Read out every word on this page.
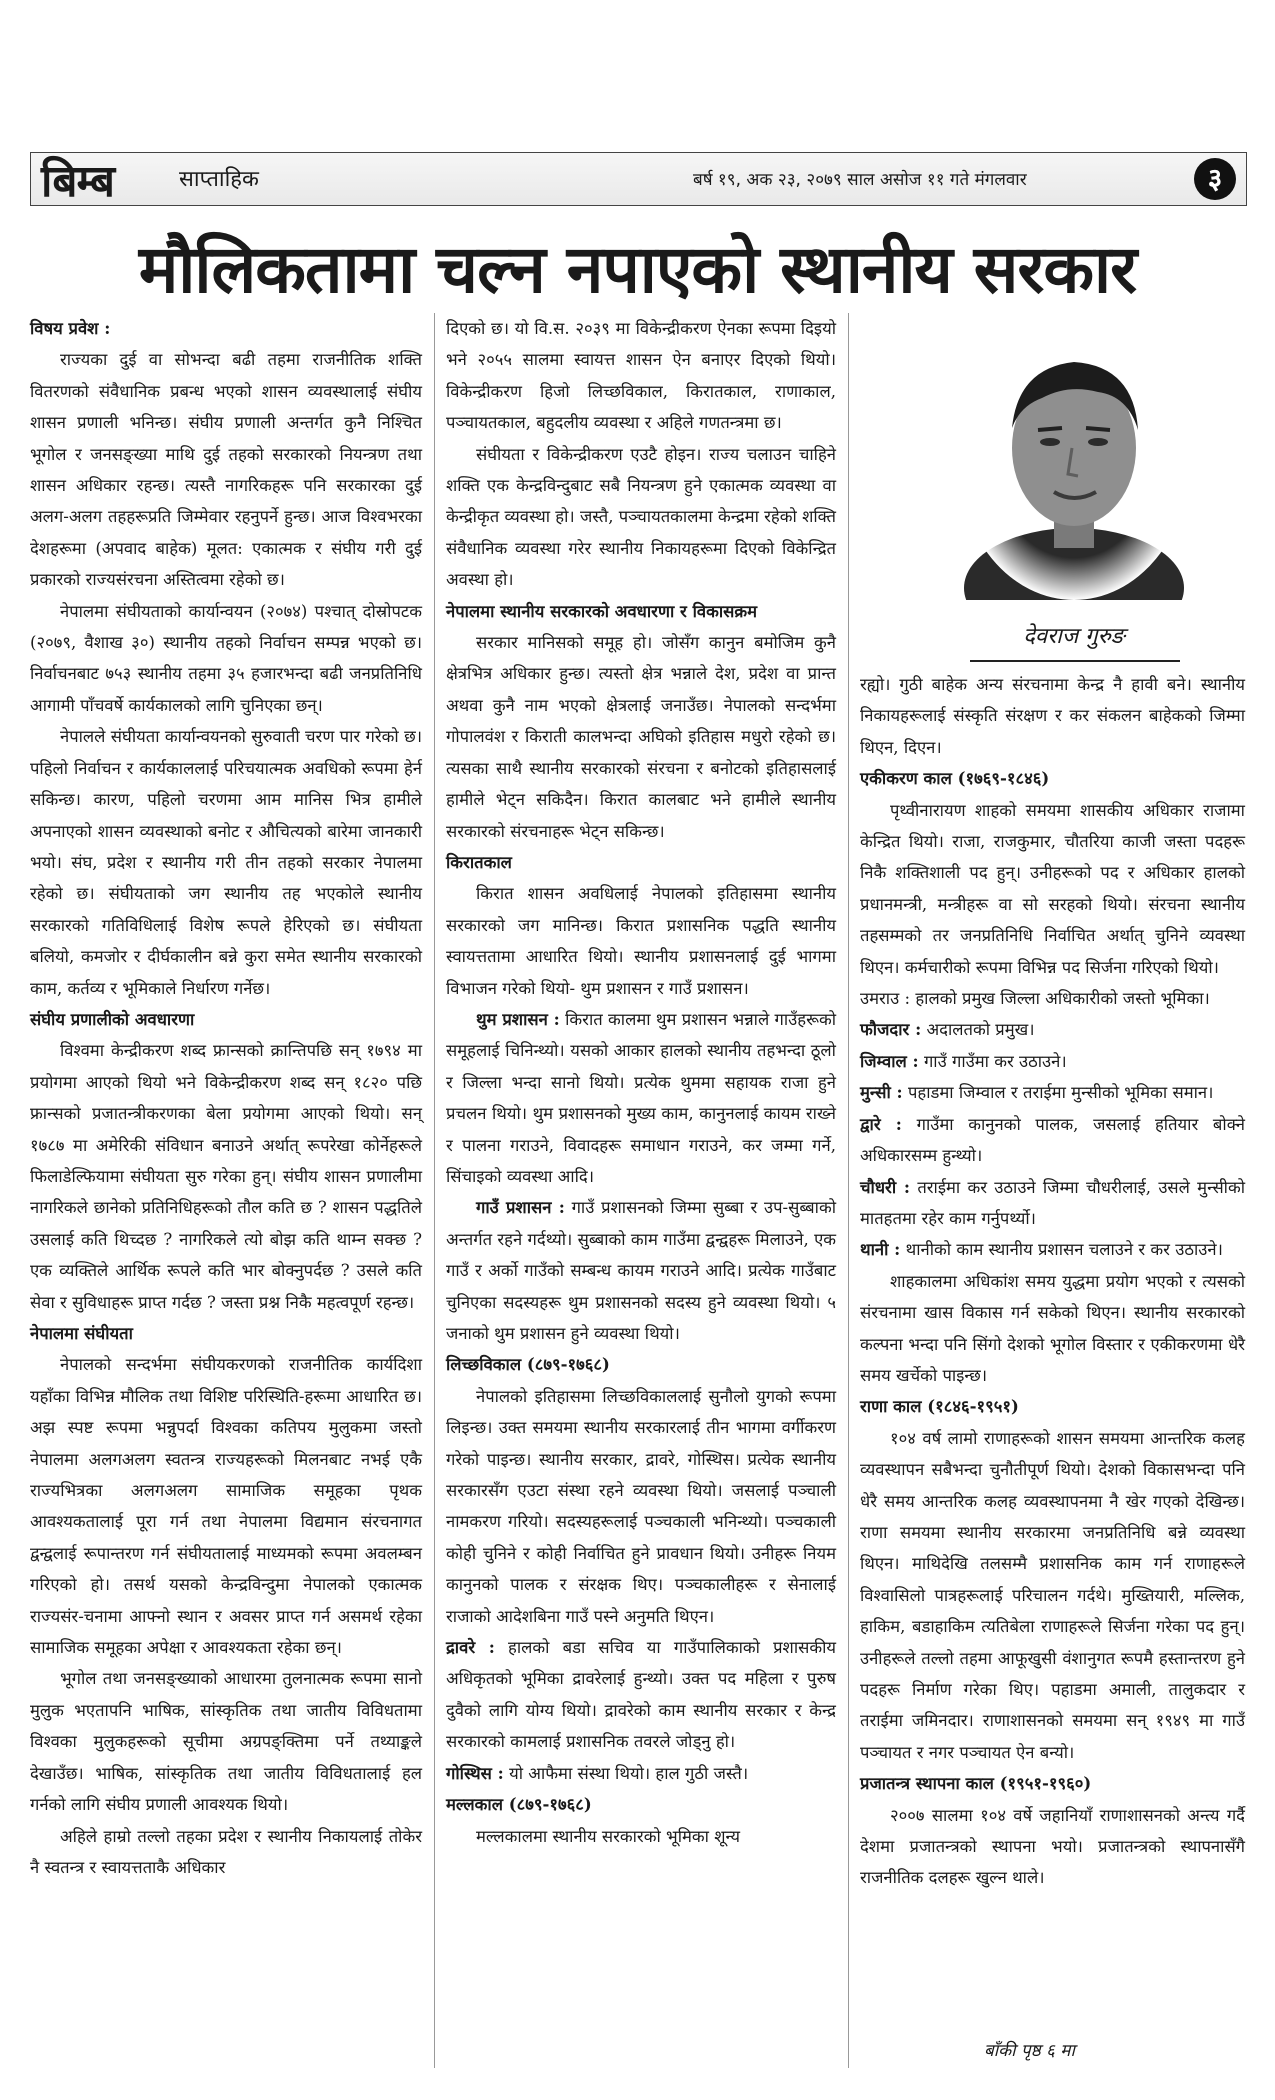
बिम्ब	साप्ताहिक	बर्ष १९, अक २३, २०७९ साल असोज ११ गते मंगलवार	३
मौलिकतामा चल्न नपाएको स्थानीय सरकार
विषय प्रवेश :

राज्यका दुई वा सोभन्दा बढी तहमा राजनीतिक शक्ति वितरणको संवैधानिक प्रबन्ध भएको शासन व्यवस्थालाई संघीय शासन प्रणाली भनिन्छ। संघीय प्रणाली अन्तर्गत कुनै निश्चित भूगोल र जनसङ्ख्या माथि दुई तहको सरकारको नियन्त्रण तथा शासन अधिकार रहन्छ। त्यस्तै नागरिकहरू पनि सरकारका दुई अलग-अलग तहहरूप्रति जिम्मेवार रहनुपर्ने हुन्छ। आज विश्वभरका देशहरूमा (अपवाद बाहेक) मूलत: एकात्मक र संघीय गरी दुई प्रकारको राज्यसंरचना अस्तित्वमा रहेको छ।

नेपालमा संघीयताको कार्यान्वयन (२०७४) पश्चात् दोस्रोपटक (२०७९, वैशाख ३०) स्थानीय तहको निर्वाचन सम्पन्न भएको छ। निर्वाचनबाट ७५३ स्थानीय तहमा ३५ हजारभन्दा बढी जनप्रतिनिधि आगामी पाँचवर्षे कार्यकालको लागि चुनिएका छन्।

नेपालले संघीयता कार्यान्वयनको सुरुवाती चरण पार गरेको छ। पहिलो निर्वाचन र कार्यकाललाई परिचयात्मक अवधिको रूपमा हेर्न सकिन्छ। कारण, पहिलो चरणमा आम मानिस भित्र हामीले अपनाएको शासन व्यवस्थाको बनोट र औचित्यको बारेमा जानकारी भयो। संघ, प्रदेश र स्थानीय गरी तीन तहको सरकार नेपालमा रहेको छ। संघीयताको जग स्थानीय तह भएकोले स्थानीय सरकारको गतिविधिलाई विशेष रूपले हेरिएको छ। संघीयता बलियो, कमजोर र दीर्घकालीन बन्ने कुरा समेत स्थानीय सरकारको काम, कर्तव्य र भूमिकाले निर्धारण गर्नेछ।

संघीय प्रणालीको अवधारणा

विश्वमा केन्द्रीकरण शब्द फ्रान्सको क्रान्तिपछि सन् १७९४ मा प्रयोगमा आएको थियो भने विकेन्द्रीकरण शब्द सन् १८२० पछि फ्रान्सको प्रजातन्त्रीकरणका बेला प्रयोगमा आएको थियो। सन् १७८७ मा अमेरिकी संविधान बनाउने अर्थात् रूपरेखा कोर्नेहरूले फिलाडेल्फियामा संघीयता सुरु गरेका हुन्। संघीय शासन प्रणालीमा नागरिकले छानेको प्रतिनिधिहरूको तौल कति छ ? शासन पद्धतिले उसलाई कति थिच्दछ ? नागरिकले त्यो बोझ कति थाम्न सक्छ ? एक व्यक्तिले आर्थिक रूपले कति भार बोक्नुपर्दछ ? उसले कति सेवा र सुविधाहरू प्राप्त गर्दछ ? जस्ता प्रश्न निकै महत्वपूर्ण रहन्छ।

नेपालमा संघीयता

नेपालको सन्दर्भमा संघीयकरणको राजनीतिक कार्यदिशा यहाँका विभिन्न मौलिक तथा विशिष्ट परिस्थिति-हरूमा आधारित छ। अझ स्पष्ट रूपमा भन्नुपर्दा विश्वका कतिपय मुलुकमा जस्तो नेपालमा अलगअलग स्वतन्त्र राज्यहरूको मिलनबाट नभई एकै राज्यभित्रका अलगअलग सामाजिक समूहका पृथक आवश्यकतालाई पूरा गर्न तथा नेपालमा विद्यमान संरचनागत द्वन्द्वलाई रूपान्तरण गर्न संघीयतालाई माध्यमको रूपमा अवलम्बन गरिएको हो। तसर्थ यसको केन्द्रविन्दुमा नेपालको एकात्मक राज्यसंर-चनामा आफ्नो स्थान र अवसर प्राप्त गर्न असमर्थ रहेका सामाजिक समूहका अपेक्षा र आवश्यकता रहेका छन्।

भूगोल तथा जनसङ्ख्याको आधारमा तुलनात्मक रूपमा सानो मुलुक भएतापनि भाषिक, सांस्कृतिक तथा जातीय विविधतामा विश्वका मुलुकहरूको सूचीमा अग्रपङ्क्तिमा पर्ने तथ्याङ्कले देखाउँछ। भाषिक, सांस्कृतिक तथा जातीय विविधतालाई हल गर्नको लागि संघीय प्रणाली आवश्यक थियो।

अहिले हाम्रो तल्लो तहका प्रदेश र स्थानीय निकायलाई तोकेर नै स्वतन्त्र र स्वायत्तताकै अधिकार

दिएको छ। यो वि.स. २०३९ मा विकेन्द्रीकरण ऐनका रूपमा दिइयो भने २०५५ सालमा स्वायत्त शासन ऐन बनाएर दिएको थियो। विकेन्द्रीकरण हिजो लिच्छविकाल, किरातकाल, राणाकाल, पञ्चायतकाल, बहुदलीय व्यवस्था र अहिले गणतन्त्रमा छ।

संघीयता र विकेन्द्रीकरण एउटै होइन। राज्य चलाउन चाहिने शक्ति एक केन्द्रविन्दुबाट सबै नियन्त्रण हुने एकात्मक व्यवस्था वा केन्द्रीकृत व्यवस्था हो। जस्तै, पञ्चायतकालमा केन्द्रमा रहेको शक्ति संवैधानिक व्यवस्था गरेर स्थानीय निकायहरूमा दिएको विकेन्द्रित अवस्था हो।

नेपालमा स्थानीय सरकारको अवधारणा र विकासक्रम

सरकार मानिसको समूह हो। जोसँग कानुन बमोजिम कुनै क्षेत्रभित्र अधिकार हुन्छ। त्यस्तो क्षेत्र भन्नाले देश, प्रदेश वा प्रान्त अथवा कुनै नाम भएको क्षेत्रलाई जनाउँछ। नेपालको सन्दर्भमा गोपालवंश र किराती कालभन्दा अघिको इतिहास मधुरो रहेको छ। त्यसका साथै स्थानीय सरकारको संरचना र बनोटको इतिहासलाई हामीले भेट्न सकिदैन। किरात कालबाट भने हामीले स्थानीय सरकारको संरचनाहरू भेट्न सकिन्छ।

किरातकाल

किरात शासन अवधिलाई नेपालको इतिहासमा स्थानीय सरकारको जग मानिन्छ। किरात प्रशासनिक पद्धति स्थानीय स्वायत्ततामा आधारित थियो। स्थानीय प्रशासनलाई दुई भागमा विभाजन गरेको थियो- थुम प्रशासन र गाउँ प्रशासन।

थुम प्रशासन : किरात कालमा थुम प्रशासन भन्नाले गाउँहरूको समूहलाई चिनिन्थ्यो। यसको आकार हालको स्थानीय तहभन्दा ठूलो र जिल्ला भन्दा सानो थियो। प्रत्येक थुममा सहायक राजा हुने प्रचलन थियो। थुम प्रशासनको मुख्य काम, कानुनलाई कायम राख्ने र पालना गराउने, विवादहरू समाधान गराउने, कर जम्मा गर्ने, सिंचाइको व्यवस्था आदि।

गाउँ प्रशासन : गाउँ प्रशासनको जिम्मा सुब्बा र उप-सुब्बाको अन्तर्गत रहने गर्दथ्यो। सुब्बाको काम गाउँमा द्वन्द्वहरू मिलाउने, एक गाउँ र अर्को गाउँको सम्बन्ध कायम गराउने आदि। प्रत्येक गाउँबाट चुनिएका सदस्यहरू थुम प्रशासनको सदस्य हुने व्यवस्था थियो। ५ जनाको थुम प्रशासन हुने व्यवस्था थियो।

लिच्छविकाल (८७९-१७६८)

नेपालको इतिहासमा लिच्छविकाललाई सुनौलो युगको रूपमा लिइन्छ। उक्त समयमा स्थानीय सरकारलाई तीन भागमा वर्गीकरण गरेको पाइन्छ। स्थानीय सरकार, द्रावरे, गोस्थिस। प्रत्येक स्थानीय सरकारसँग एउटा संस्था रहने व्यवस्था थियो। जसलाई पञ्चाली नामकरण गरियो। सदस्यहरूलाई पञ्चकाली भनिन्थ्यो। पञ्चकाली कोही चुनिने र कोही निर्वाचित हुने प्रावधान थियो। उनीहरू नियम कानुनको पालक र संरक्षक थिए। पञ्चकालीहरू र सेनालाई राजाको आदेशबिना गाउँ पस्ने अनुमति थिएन।

द्रावरे : हालको बडा सचिव या गाउँपालिकाको प्रशासकीय अधिकृतको भूमिका द्रावरेलाई हुन्थ्यो। उक्त पद महिला र पुरुष दुवैको लागि योग्य थियो। द्रावरेको काम स्थानीय सरकार र केन्द्र सरकारको कामलाई प्रशासनिक तवरले जोड्नु हो।

गोस्थिस : यो आफैमा संस्था थियो। हाल गुठी जस्तै।

मल्लकाल (८७९-१७६८)

मल्लकालमा स्थानीय सरकारको भूमिका शून्य

देवराज गुरुङ

रह्यो। गुठी बाहेक अन्य संरचनामा केन्द्र नै हावी बने। स्थानीय निकायहरूलाई संस्कृति संरक्षण र कर संकलन बाहेकको जिम्मा थिएन, दिएन।

एकीकरण काल (१७६९-१८४६)

पृथ्वीनारायण शाहको समयमा शासकीय अधिकार राजामा केन्द्रित थियो। राजा, राजकुमार, चौतरिया काजी जस्ता पदहरू निकै शक्तिशाली पद हुन्। उनीहरूको पद र अधिकार हालको प्रधानमन्त्री, मन्त्रीहरू वा सो सरहको थियो। संरचना स्थानीय तहसम्मको तर जनप्रतिनिधि निर्वाचित अर्थात् चुनिने व्यवस्था थिएन। कर्मचारीको रूपमा विभिन्न पद सिर्जना गरिएको थियो।

उमराउ : हालको प्रमुख जिल्ला अधिकारीको जस्तो भूमिका।

फौजदार : अदालतको प्रमुख।

जिम्वाल : गाउँ गाउँमा कर उठाउने।

मुन्सी : पहाडमा जिम्वाल र तराईमा मुन्सीको भूमिका समान।

द्वारे : गाउँमा कानुनको पालक, जसलाई हतियार बोक्ने अधिकारसम्म हुन्थ्यो।

चौधरी : तराईमा कर उठाउने जिम्मा चौधरीलाई, उसले मुन्सीको मातहतमा रहेर काम गर्नुपर्थ्यो।

थानी : थानीको काम स्थानीय प्रशासन चलाउने र कर उठाउने।

शाहकालमा अधिकांश समय युद्धमा प्रयोग भएको र त्यसको संरचनामा खास विकास गर्न सकेको थिएन। स्थानीय सरकारको कल्पना भन्दा पनि सिंगो देशको भूगोल विस्तार र एकीकरणमा धेरै समय खर्चेको पाइन्छ।

राणा काल (१८४६-१९५१)

१०४ वर्ष लामो राणाहरूको शासन समयमा आन्तरिक कलह व्यवस्थापन सबैभन्दा चुनौतीपूर्ण थियो। देशको विकासभन्दा पनि धेरै समय आन्तरिक कलह व्यवस्थापनमा नै खेर गएको देखिन्छ। राणा समयमा स्थानीय सरकारमा जनप्रतिनिधि बन्ने व्यवस्था थिएन। माथिदेखि तलसम्मै प्रशासनिक काम गर्न राणाहरूले विश्वासिलो पात्रहरूलाई परिचालन गर्दथे। मुख्तियारी, मल्लिक, हाकिम, बडाहाकिम त्यतिबेला राणाहरूले सिर्जना गरेका पद हुन्। उनीहरूले तल्लो तहमा आफूखुसी वंशानुगत रूपमै हस्तान्तरण हुने पदहरू निर्माण गरेका थिए। पहाडमा अमाली, तालुकदार र तराईमा जमिनदार। राणाशासनको समयमा सन् १९४९ मा गाउँ पञ्चायत र नगर पञ्चायत ऐन बन्यो।

प्रजातन्त्र स्थापना काल (१९५१-१९६०)

२००७ सालमा १०४ वर्षे जहानियाँ राणाशासनको अन्त्य गर्दै देशमा प्रजातन्त्रको स्थापना भयो। प्रजातन्त्रको स्थापनासँगै राजनीतिक दलहरू खुल्न थाले।

बाँकी पृष्ठ ६ मा
